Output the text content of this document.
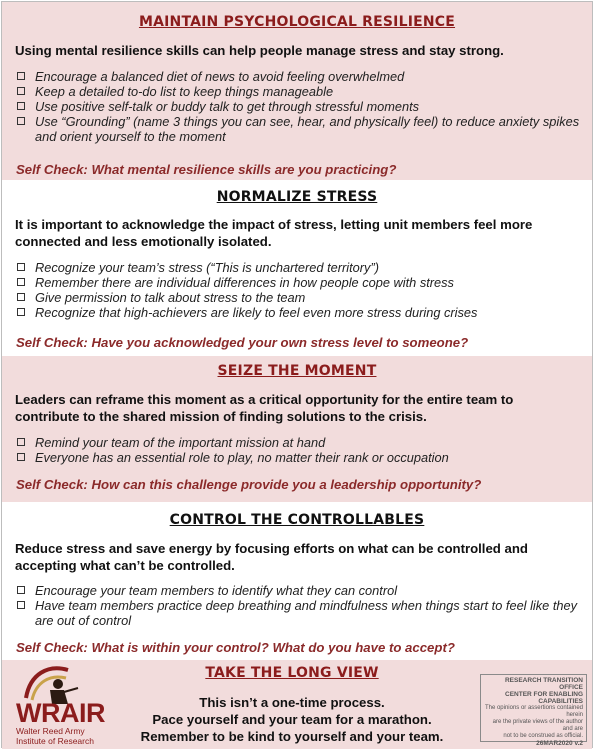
MAINTAIN PSYCHOLOGICAL RESILIENCE
Using mental resilience skills can help people manage stress and stay strong.
Encourage a balanced diet of news to avoid feeling overwhelmed
Keep a detailed to-do list to keep things manageable
Use positive self-talk or buddy talk to get through stressful moments
Use “Grounding” (name 3 things you can see, hear, and physically feel) to reduce anxiety spikes and orient yourself to the moment
Self Check: What mental resilience skills are you practicing?
NORMALIZE STRESS
It is important to acknowledge the impact of stress, letting unit members feel more connected and less emotionally isolated.
Recognize your team’s stress (“This is unchartered territory”)
Remember there are individual differences in how people cope with stress
Give permission to talk about stress to the team
Recognize that high-achievers are likely to feel even more stress during crises
Self Check: Have you acknowledged your own stress level to someone?
SEIZE THE MOMENT
Leaders can reframe this moment as a critical opportunity for the entire team to contribute to the shared mission of finding solutions to the crisis.
Remind your team of the important mission at hand
Everyone has an essential role to play, no matter their rank or occupation
Self Check: How can this challenge provide you a leadership opportunity?
CONTROL THE CONTROLLABLES
Reduce stress and save energy by focusing efforts on what can be controlled and accepting what can’t be controlled.
Encourage your team members to identify what they can control
Have team members practice deep breathing and mindfulness when things start to feel like they are out of control
Self Check: What is within your control? What do you have to accept?
WRAIR
Walter Reed Army
Institute of Research
TAKE THE LONG VIEW
This isn’t a one-time process.
Pace yourself and your team for a marathon.
Remember to be kind to yourself and your team.
RESEARCH TRANSITION OFFICE
CENTER FOR ENABLING CAPABILITIES
The opinions or assertions contained herein
are the private views of the author and are
not to be construed as official.
26MAR2020 v.2
